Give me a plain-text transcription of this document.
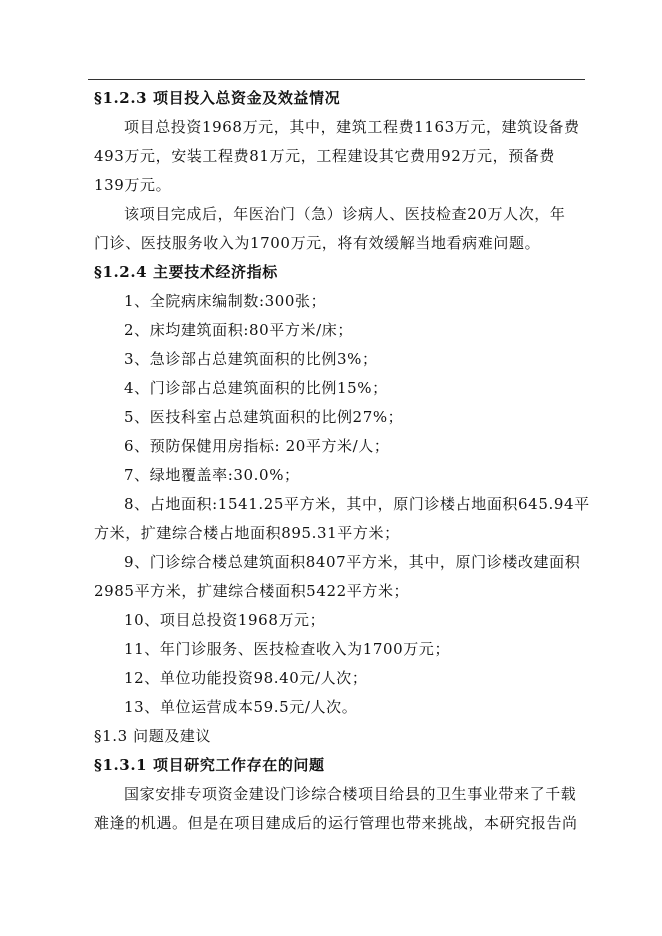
§1.2.3 项目投入总资金及效益情况
项目总投资1968万元，其中，建筑工程费1163万元，建筑设备费
493万元，安装工程费81万元，工程建设其它费用92万元，预备费
139万元。
该项目完成后，年医治门（急）诊病人、医技检查20万人次，年
门诊、医技服务收入为1700万元，将有效缓解当地看病难问题。
§1.2.4 主要技术经济指标
1、全院病床编制数:300张；
2、床均建筑面积:80平方米/床；
3、急诊部占总建筑面积的比例3%；
4、门诊部占总建筑面积的比例15%；
5、医技科室占总建筑面积的比例27%；
6、预防保健用房指标: 20平方米/人；
7、绿地覆盖率:30.0%；
8、占地面积:1541.25平方米，其中，原门诊楼占地面积645.94平
方米，扩建综合楼占地面积895.31平方米；
9、门诊综合楼总建筑面积8407平方米，其中，原门诊楼改建面积
2985平方米，扩建综合楼面积5422平方米；
10、项目总投资1968万元；
11、年门诊服务、医技检查收入为1700万元；
12、单位功能投资98.40元/人次；
13、单位运营成本59.5元/人次。
§1.3 问题及建议
§1.3.1 项目研究工作存在的问题
国家安排专项资金建设门诊综合楼项目给县的卫生事业带来了千载
难逢的机遇。但是在项目建成后的运行管理也带来挑战，本研究报告尚
